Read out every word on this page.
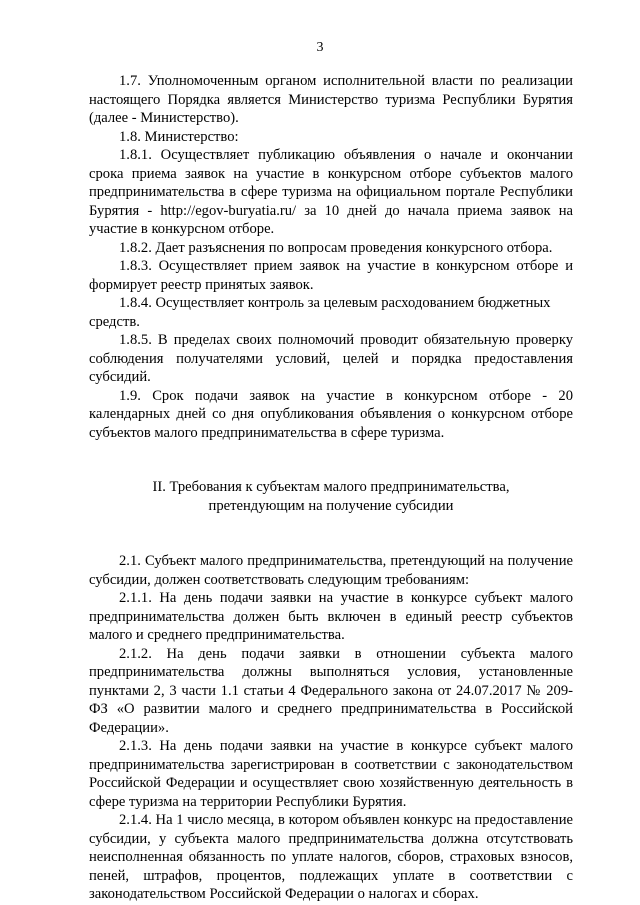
3

1.7. Уполномоченным органом исполнительной власти по реализации настоящего Порядка является Министерство туризма Республики Бурятия (далее - Министерство).

1.8. Министерство:

1.8.1. Осуществляет публикацию объявления о начале и окончании срока приема заявок на участие в конкурсном отборе субъектов малого предпринимательства в сфере туризма на официальном портале Республики Бурятия - http://egov-buryatia.ru/ за 10 дней до начала приема заявок на участие в конкурсном отборе.

1.8.2. Дает разъяснения по вопросам проведения конкурсного отбора.

1.8.3. Осуществляет прием заявок на участие в конкурсном отборе и формирует реестр принятых заявок.

1.8.4. Осуществляет контроль за целевым расходованием бюджетных средств.

1.8.5. В пределах своих полномочий проводит обязательную проверку соблюдения получателями условий, целей и порядка предоставления субсидий.

1.9. Срок подачи заявок на участие в конкурсном отборе - 20 календарных дней со дня опубликования объявления о конкурсном отборе субъектов малого предпринимательства в сфере туризма.

II. Требования к субъектам малого предпринимательства,

претендующим на получение субсидии

2.1. Субъект малого предпринимательства, претендующий на получение субсидии, должен соответствовать следующим требованиям:

2.1.1. На день подачи заявки на участие в конкурсе субъект малого предпринимательства должен быть включен в единый реестр субъектов малого и среднего предпринимательства.

2.1.2. На день подачи заявки в отношении субъекта малого предпринимательства должны выполняться условия, установленные пунктами 2, 3 части 1.1 статьи 4 Федерального закона от 24.07.2017 № 209-ФЗ «О развитии малого и среднего предпринимательства в Российской Федерации».

2.1.3. На день подачи заявки на участие в конкурсе субъект малого предпринимательства зарегистрирован в соответствии с законодательством Российской Федерации и осуществляет свою хозяйственную деятельность в сфере туризма на территории Республики Бурятия.

2.1.4. На 1 число месяца, в котором объявлен конкурс на предоставление субсидии, у субъекта малого предпринимательства должна отсутствовать неисполненная обязанность по уплате налогов, сборов, страховых взносов, пеней, штрафов, процентов, подлежащих уплате в соответствии с законодательством Российской Федерации о налогах и сборах.
